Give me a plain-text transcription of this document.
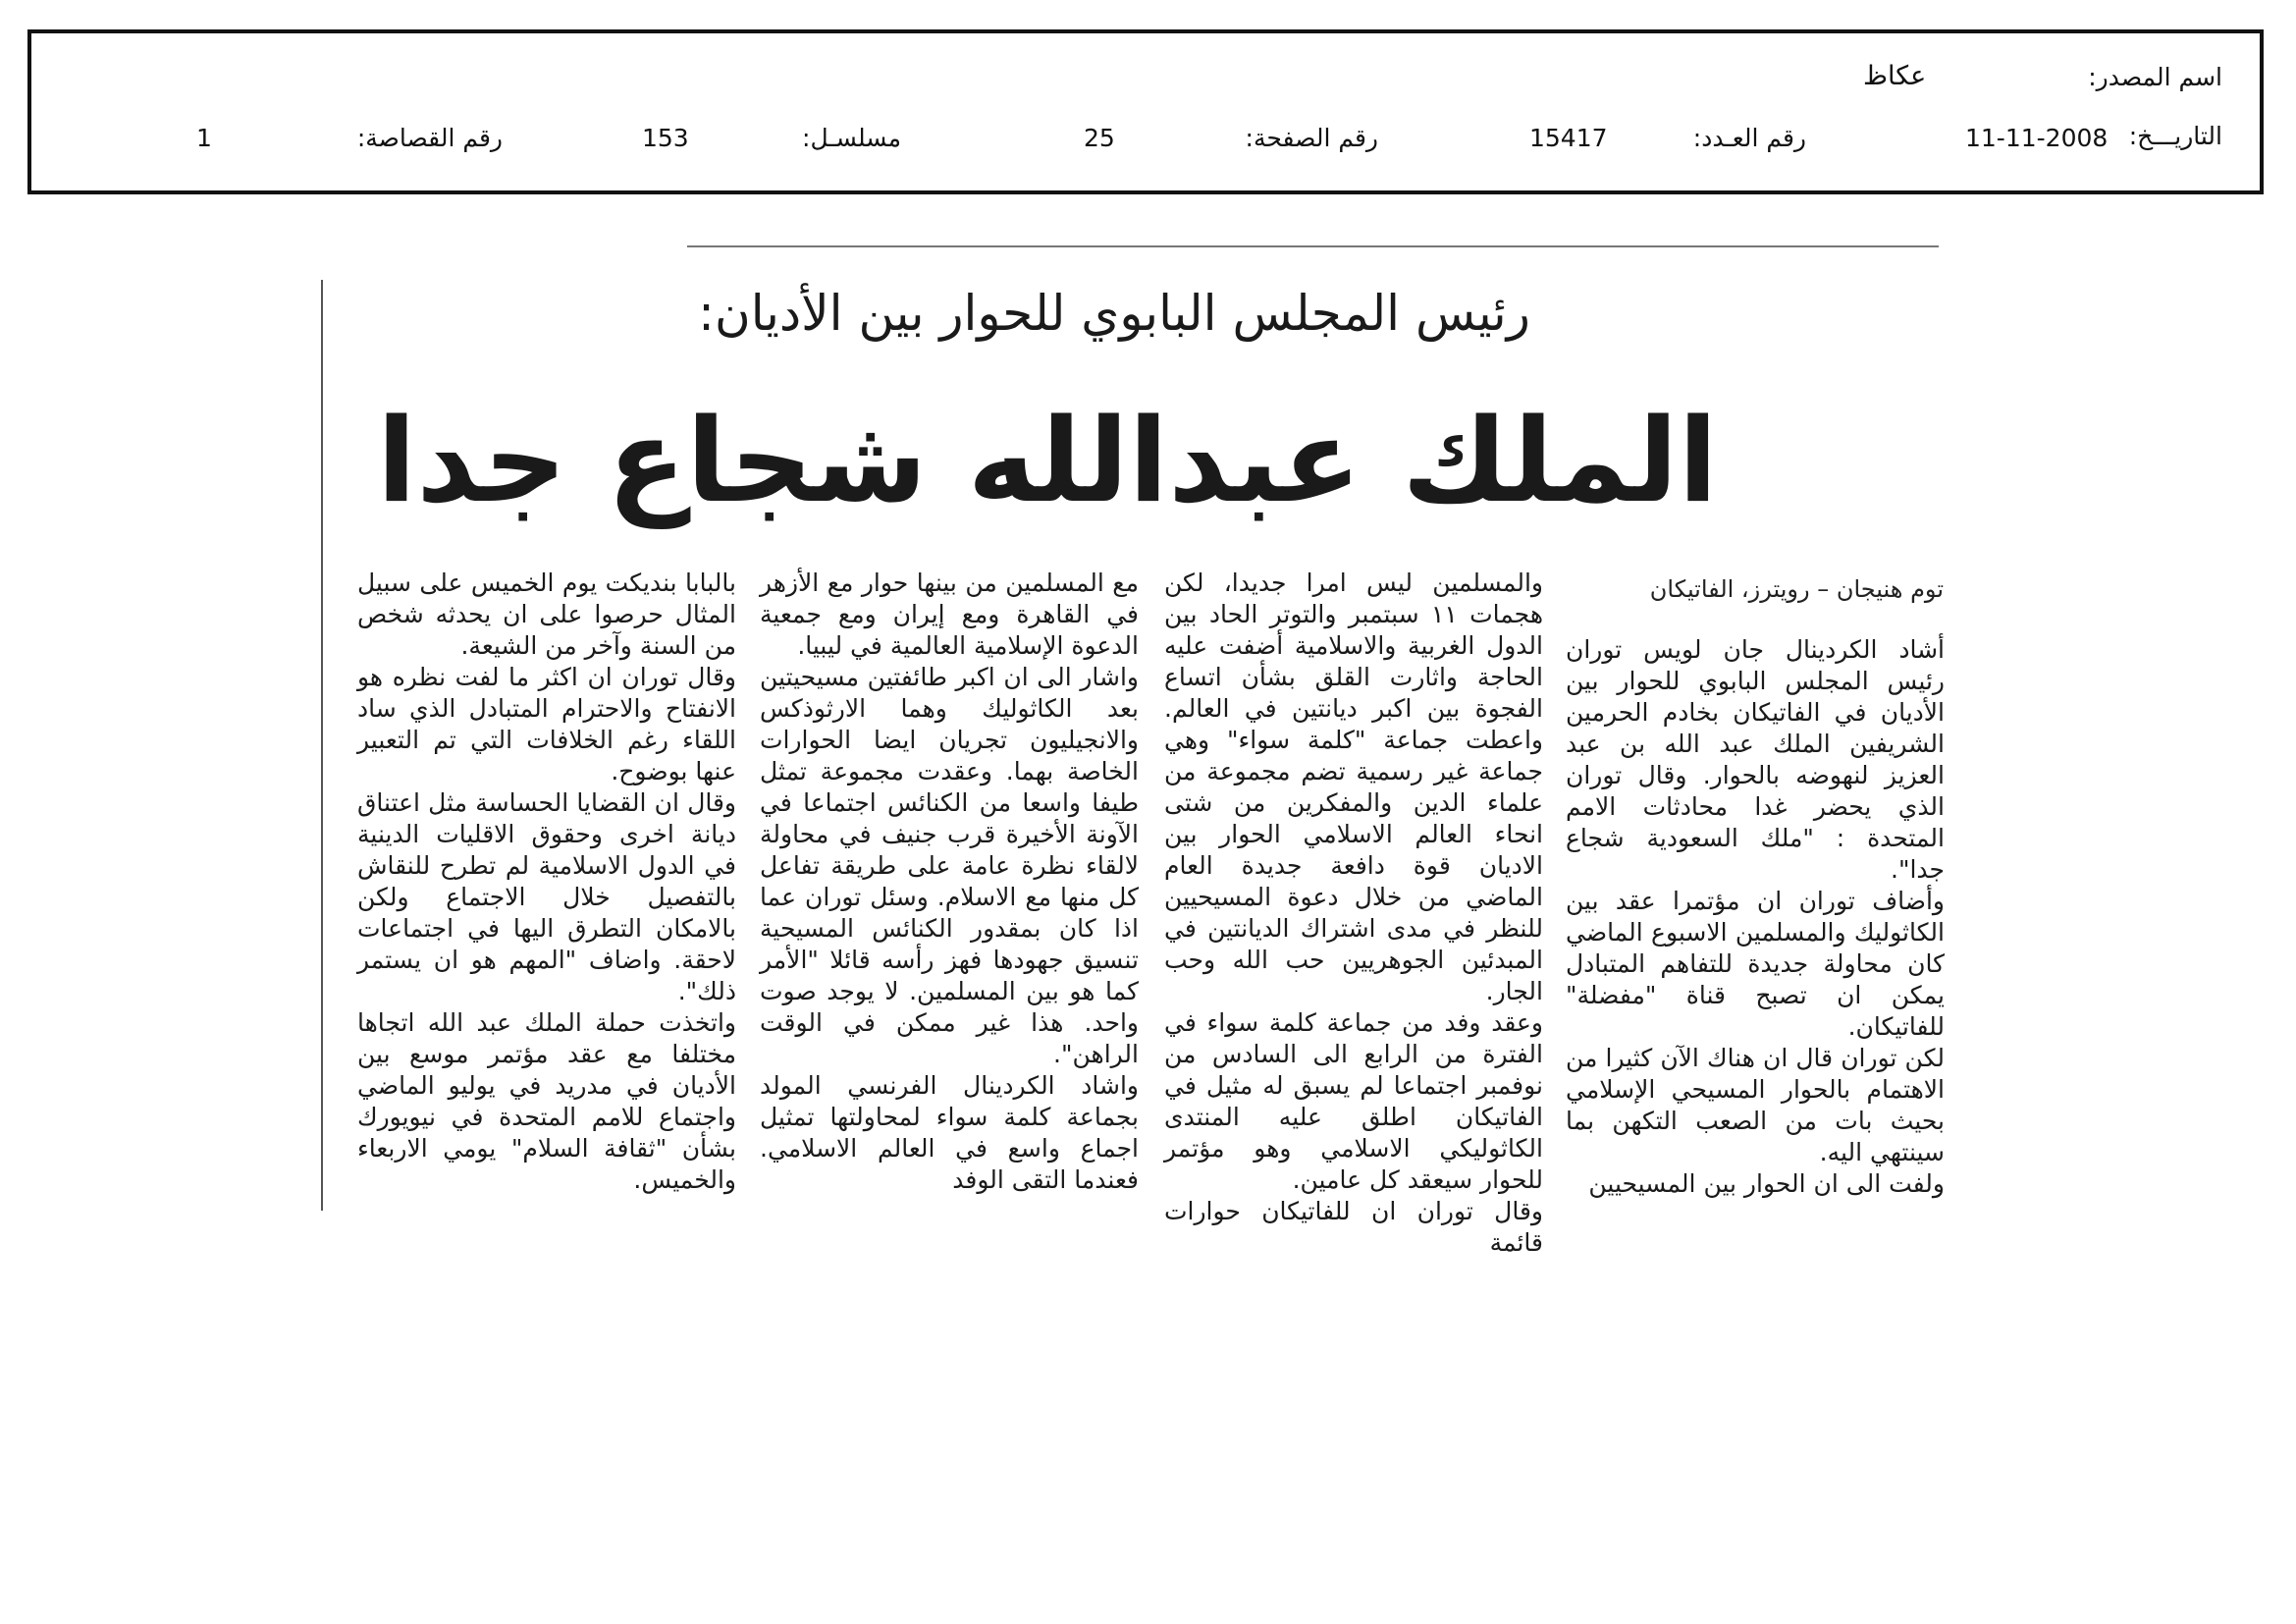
اسم المصدر:
عكاظ
التاريـــخ:
11-11-2008
رقم العـدد:
15417
رقم الصفحة:
25
مسلسـل:
153
رقم القصاصة:
1
رئيس المجلس البابوي للحوار بين الأديان:
الملك عبدالله شجاع جدا
توم هنيجان – رويترز، الفاتيكان

أشاد الكردينال جان لويس توران رئيس المجلس البابوي للحوار بين الأديان في الفاتيكان بخادم الحرمين الشريفين الملك عبد الله بن عبد العزيز لنهوضه بالحوار. وقال توران الذي يحضر غدا محادثات الامم المتحدة : "ملك السعودية شجاع جدا".

وأضاف توران ان مؤتمرا عقد بين الكاثوليك والمسلمين الاسبوع الماضي كان محاولة جديدة للتفاهم المتبادل يمكن ان تصبح قناة "مفضلة" للفاتيكان.

لكن توران قال ان هناك الآن كثيرا من الاهتمام بالحوار المسيحي الإسلامي بحيث بات من الصعب التكهن بما سينتهي اليه.

ولفت الى ان الحوار بين المسيحيين

والمسلمين ليس امرا جديدا، لكن هجمات ١١ سبتمبر والتوتر الحاد بين الدول الغربية والاسلامية أضفت عليه الحاجة واثارت القلق بشأن اتساع الفجوة بين اكبر ديانتين في العالم. واعطت جماعة "كلمة سواء" وهي جماعة غير رسمية تضم مجموعة من علماء الدين والمفكرين من شتى انحاء العالم الاسلامي الحوار بين الاديان قوة دافعة جديدة العام الماضي من خلال دعوة المسيحيين للنظر في مدى اشتراك الديانتين في المبدئين الجوهريين حب الله وحب الجار.

وعقد وفد من جماعة كلمة سواء في الفترة من الرابع الى السادس من نوفمبر اجتماعا لم يسبق له مثيل في الفاتيكان اطلق عليه المنتدى الكاثوليكي الاسلامي وهو مؤتمر للحوار سيعقد كل عامين.

وقال توران ان للفاتيكان حوارات قائمة

مع المسلمين من بينها حوار مع الأزهر في القاهرة ومع إيران ومع جمعية الدعوة الإسلامية العالمية في ليبيا.

واشار الى ان اكبر طائفتين مسيحيتين بعد الكاثوليك وهما الارثوذكس والانجيليون تجريان ايضا الحوارات الخاصة بهما. وعقدت مجموعة تمثل طيفا واسعا من الكنائس اجتماعا في الآونة الأخيرة قرب جنيف في محاولة لالقاء نظرة عامة على طريقة تفاعل كل منها مع الاسلام. وسئل توران عما اذا كان بمقدور الكنائس المسيحية تنسيق جهودها فهز رأسه قائلا "الأمر كما هو بين المسلمين. لا يوجد صوت واحد. هذا غير ممكن في الوقت الراهن".

واشاد الكردينال الفرنسي المولد بجماعة كلمة سواء لمحاولتها تمثيل اجماع واسع في العالم الاسلامي. فعندما التقى الوفد

بالبابا بنديكت يوم الخميس على سبيل المثال حرصوا على ان يحدثه شخص من السنة وآخر من الشيعة.

وقال توران ان اكثر ما لفت نظره هو الانفتاح والاحترام المتبادل الذي ساد اللقاء رغم الخلافات التي تم التعبير عنها بوضوح.

وقال ان القضايا الحساسة مثل اعتناق ديانة اخرى وحقوق الاقليات الدينية في الدول الاسلامية لم تطرح للنقاش بالتفصيل خلال الاجتماع ولكن بالامكان التطرق اليها في اجتماعات لاحقة. واضاف "المهم هو ان يستمر ذلك".

واتخذت حملة الملك عبد الله اتجاها مختلفا مع عقد مؤتمر موسع بين الأديان في مدريد في يوليو الماضي واجتماع للامم المتحدة في نيويورك بشأن "ثقافة السلام" يومي الاربعاء والخميس.
